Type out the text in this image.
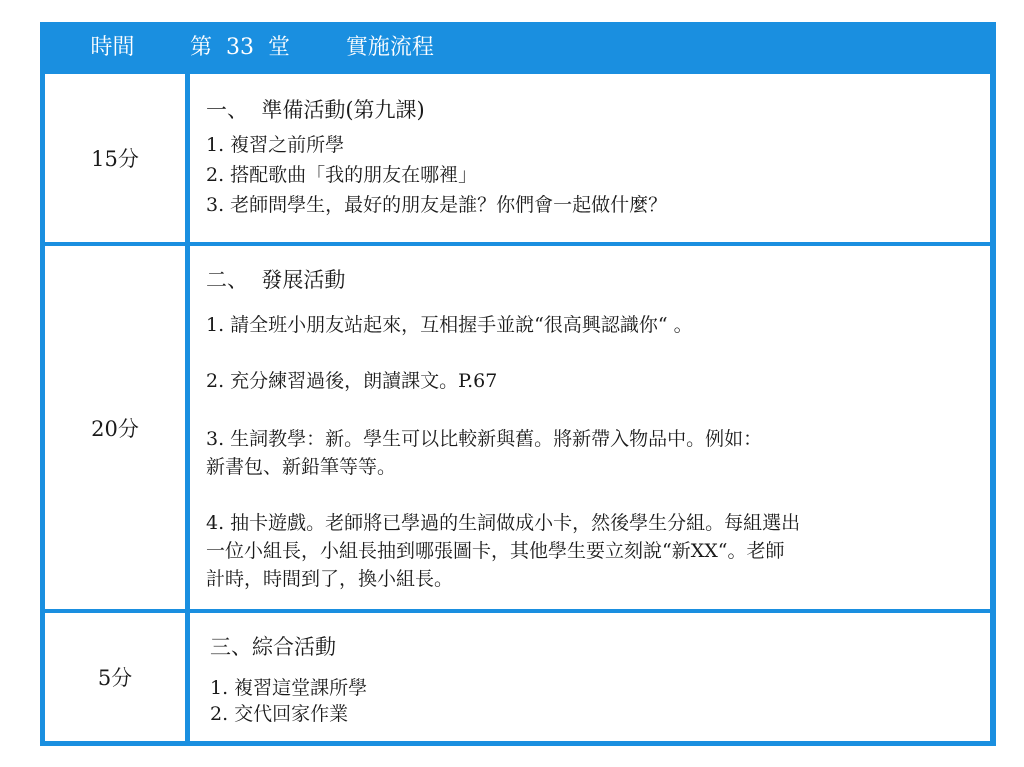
時間	第  33  堂        實施流程
15分
一、  準備活動(第九課)
1. 複習之前所學
2. 搭配歌曲「我的朋友在哪裡」
3. 老師問學生，最好的朋友是誰？你們會一起做什麼？
20分
二、  發展活動
1. 請全班小朋友站起來，互相握手並說“很高興認識你“ 。
2. 充分練習過後，朗讀課文。P.67
3. 生詞教學：新。學生可以比較新與舊。將新帶入物品中。例如：
新書包、新鉛筆等等。
4. 抽卡遊戲。老師將已學過的生詞做成小卡，然後學生分組。每組選出
一位小組長，小組長抽到哪張圖卡，其他學生要立刻說“新XX“。老師
計時，時間到了，換小組長。
5分
三、綜合活動
1. 複習這堂課所學
2. 交代回家作業
